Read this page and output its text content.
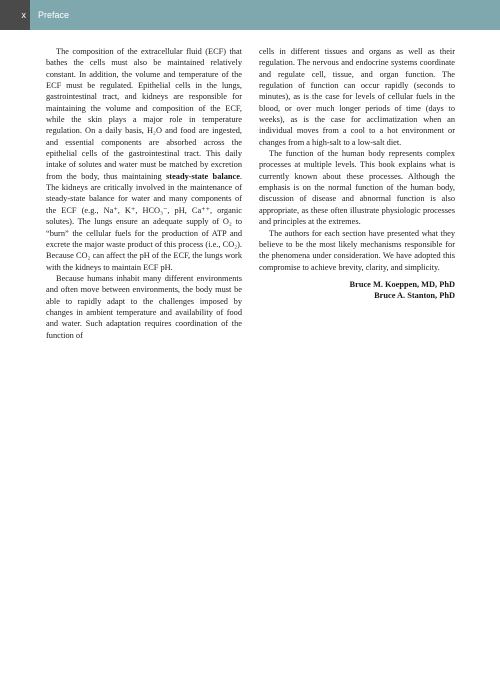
x	Preface

The composition of the extracellular fluid (ECF) that bathes the cells must also be maintained relatively constant. In addition, the volume and temperature of the ECF must be regulated. Epithelial cells in the lungs, gastrointestinal tract, and kidneys are responsible for maintaining the volume and composition of the ECF, while the skin plays a major role in temperature regulation. On a daily basis, H₂O and food are ingested, and essential components are absorbed across the epithelial cells of the gastrointestinal tract. This daily intake of solutes and water must be matched by excretion from the body, thus maintaining steady-state balance. The kidneys are critically involved in the maintenance of steady-state balance for water and many components of the ECF (e.g., Na⁺, K⁺, HCO₃⁻, pH, Ca⁺⁺, organic solutes). The lungs ensure an adequate supply of O₂ to “burn” the cellular fuels for the production of ATP and excrete the major waste product of this process (i.e., CO₂). Because CO₂ can affect the pH of the ECF, the lungs work with the kidneys to maintain ECF pH.

Because humans inhabit many different environments and often move between environments, the body must be able to rapidly adapt to the challenges imposed by changes in ambient temperature and availability of food and water. Such adaptation requires coordination of the function of

cells in different tissues and organs as well as their regulation. The nervous and endocrine systems coordinate and regulate cell, tissue, and organ function. The regulation of function can occur rapidly (seconds to minutes), as is the case for levels of cellular fuels in the blood, or over much longer periods of time (days to weeks), as is the case for acclimatization when an individual moves from a cool to a hot environment or changes from a high-salt to a low-salt diet.

The function of the human body represents complex processes at multiple levels. This book explains what is currently known about these processes. Although the emphasis is on the normal function of the human body, discussion of disease and abnormal function is also appropriate, as these often illustrate physiologic processes and principles at the extremes.

The authors for each section have presented what they believe to be the most likely mechanisms responsible for the phenomena under consideration. We have adopted this compromise to achieve brevity, clarity, and simplicity.

Bruce M. Koeppen, MD, PhD
Bruce A. Stanton, PhD
